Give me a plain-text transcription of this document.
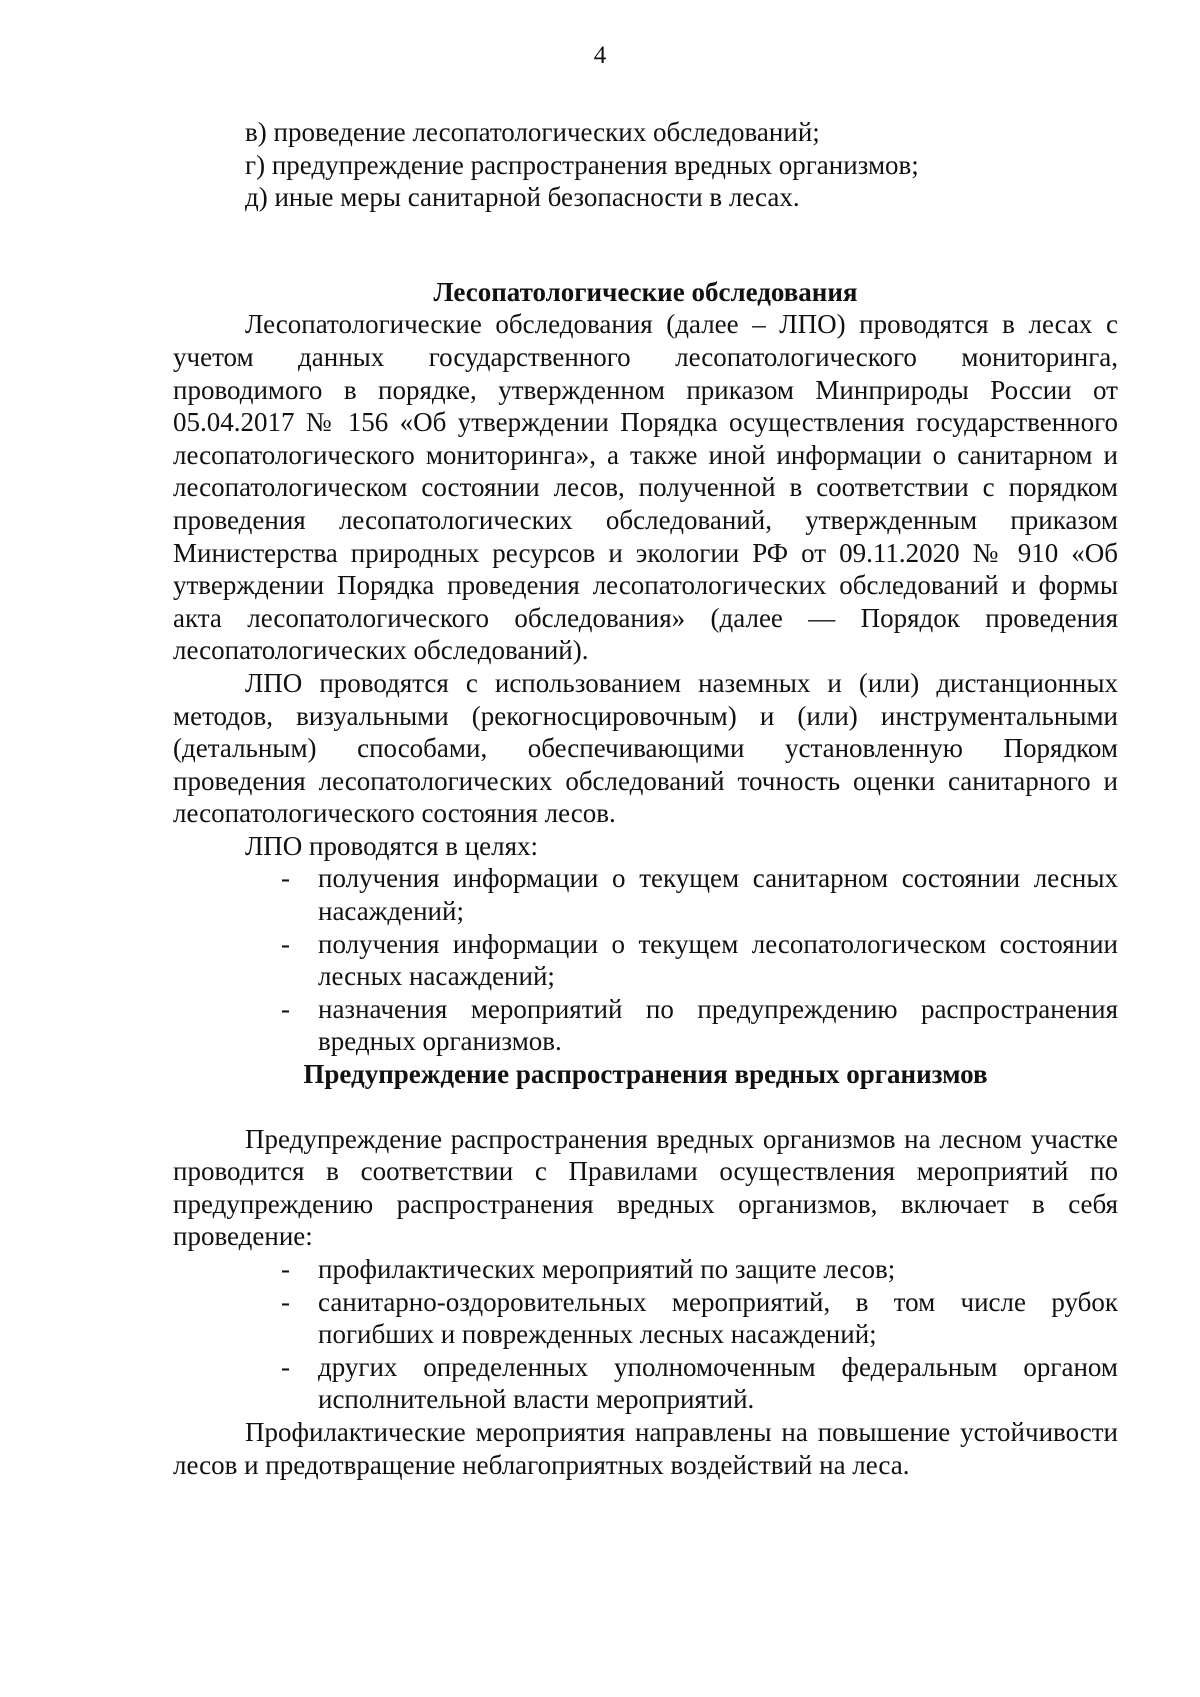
4
в) проведение лесопатологических обследований;
г) предупреждение распространения вредных организмов;
д) иные меры санитарной безопасности в лесах.
Лесопатологические обследования

Лесопатологические обследования (далее – ЛПО) проводятся в лесах с учетом данных государственного лесопатологического мониторинга, проводимого в порядке, утвержденном приказом Минприроды России от 05.04.2017 № 156 «Об утверждении Порядка осуществления государственного лесопатологического мониторинга», а также иной информации о санитарном и лесопатологическом состоянии лесов, полученной в соответствии с порядком проведения лесопатологических обследований, утвержденным приказом Министерства природных ресурсов и экологии РФ от 09.11.2020 № 910 «Об утверждении Порядка проведения лесопатологических обследований и формы акта лесопатологического обследования» (далее — Порядок проведения лесопатологических обследований).

ЛПО проводятся с использованием наземных и (или) дистанционных методов, визуальными (рекогносцировочным) и (или) инструментальными (детальным) способами, обеспечивающими установленную Порядком проведения лесопатологических обследований точность оценки санитарного и лесопатологического состояния лесов.

ЛПО проводятся в целях:

- получения информации о текущем санитарном состоянии лесных насаждений;
- получения информации о текущем лесопатологическом состоянии лесных насаждений;
- назначения мероприятий по предупреждению распространения вредных организмов.
Предупреждение распространения вредных организмов

Предупреждение распространения вредных организмов на лесном участке проводится в соответствии с Правилами осуществления мероприятий по предупреждению распространения вредных организмов, включает в себя проведение:

- профилактических мероприятий по защите лесов;
- санитарно-оздоровительных мероприятий, в том числе рубок погибших и поврежденных лесных насаждений;
- других определенных уполномоченным федеральным органом исполнительной власти мероприятий.

Профилактические мероприятия направлены на повышение устойчивости лесов и предотвращение неблагоприятных воздействий на леса.
